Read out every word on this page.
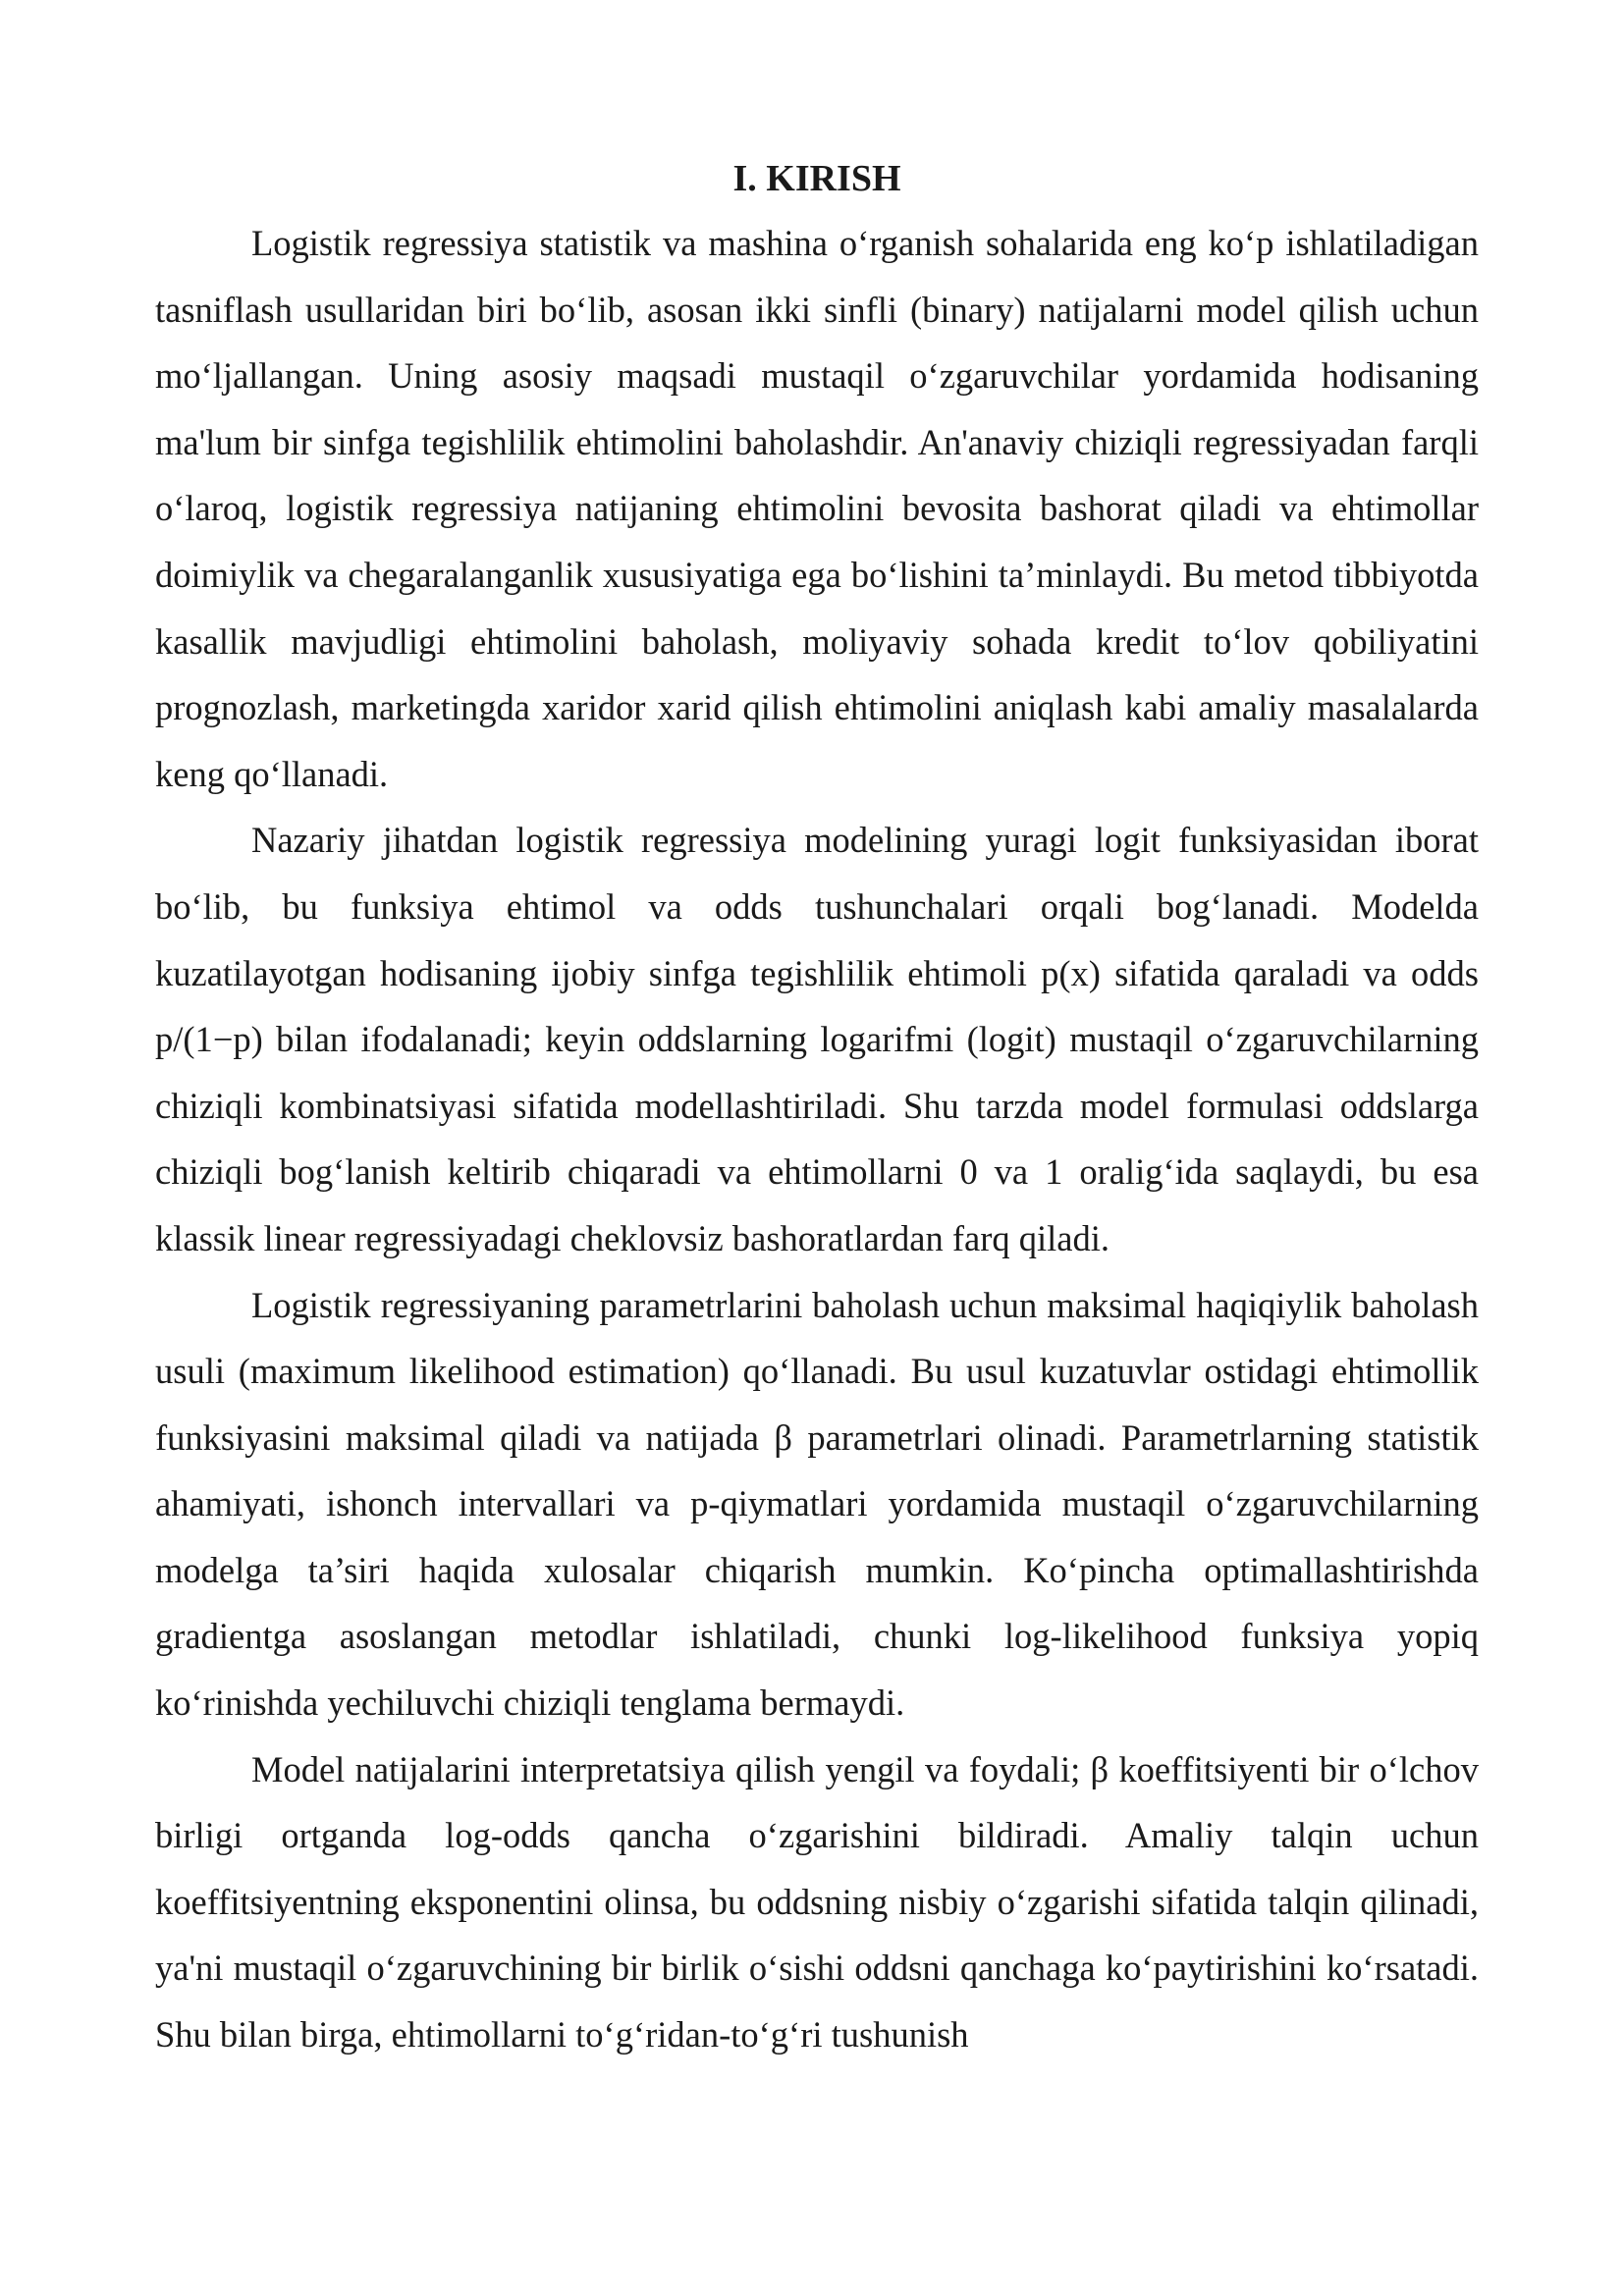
I. KIRISH

Logistik regressiya statistik va mashina o‘rganish sohalarida eng ko‘p ishlatiladigan tasniflash usullaridan biri bo‘lib, asosan ikki sinfli (binary) natijalarni model qilish uchun mo‘ljallangan. Uning asosiy maqsadi mustaqil o‘zgaruvchilar yordamida hodisaning ma'lum bir sinfga tegishlilik ehtimolini baholashdir. An'anaviy chiziqli regressiyadan farqli o‘laroq, logistik regressiya natijaning ehtimolini bevosita bashorat qiladi va ehtimollar doimiylik va chegaralanganlik xususiyatiga ega bo‘lishini ta’minlaydi. Bu metod tibbiyotda kasallik mavjudligi ehtimolini baholash, moliyaviy sohada kredit to‘lov qobiliyatini prognozlash, marketingda xaridor xarid qilish ehtimolini aniqlash kabi amaliy masalalarda keng qo‘llanadi.

Nazariy jihatdan logistik regressiya modelining yuragi logit funksiyasidan iborat bo‘lib, bu funksiya ehtimol va odds tushunchalari orqali bog‘lanadi. Modelda kuzatilayotgan hodisaning ijobiy sinfga tegishlilik ehtimoli p(x) sifatida qaraladi va odds p/(1−p) bilan ifodalanadi; keyin oddslarning logarifmi (logit) mustaqil o‘zgaruvchilarning chiziqli kombinatsiyasi sifatida modellashtiriladi. Shu tarzda model formulasi oddslarga chiziqli bog‘lanish keltirib chiqaradi va ehtimollarni 0 va 1 oralig‘ida saqlaydi, bu esa klassik linear regressiyadagi cheklovsiz bashoratlardan farq qiladi.

Logistik regressiyaning parametrlarini baholash uchun maksimal haqiqiylik baholash usuli (maximum likelihood estimation) qo‘llanadi. Bu usul kuzatuvlar ostidagi ehtimollik funksiyasini maksimal qiladi va natijada β parametrlari olinadi. Parametrlarning statistik ahamiyati, ishonch intervallari va p-qiymatlari yordamida mustaqil o‘zgaruvchilarning modelga ta’siri haqida xulosalar chiqarish mumkin. Ko‘pincha optimallashtirishda gradientga asoslangan metodlar ishlatiladi, chunki log-likelihood funksiya yopiq ko‘rinishda yechiluvchi chiziqli tenglama bermaydi.

Model natijalarini interpretatsiya qilish yengil va foydali; β koeffitsiyenti bir o‘lchov birligi ortganda log-odds qancha o‘zgarishini bildiradi. Amaliy talqin uchun koeffitsiyentning eksponentini olinsa, bu oddsning nisbiy o‘zgarishi sifatida talqin qilinadi, ya'ni mustaqil o‘zgaruvchining bir birlik o‘sishi oddsni qanchaga ko‘paytirishini ko‘rsatadi. Shu bilan birga, ehtimollarni to‘g‘ridan-to‘g‘ri tushunish
